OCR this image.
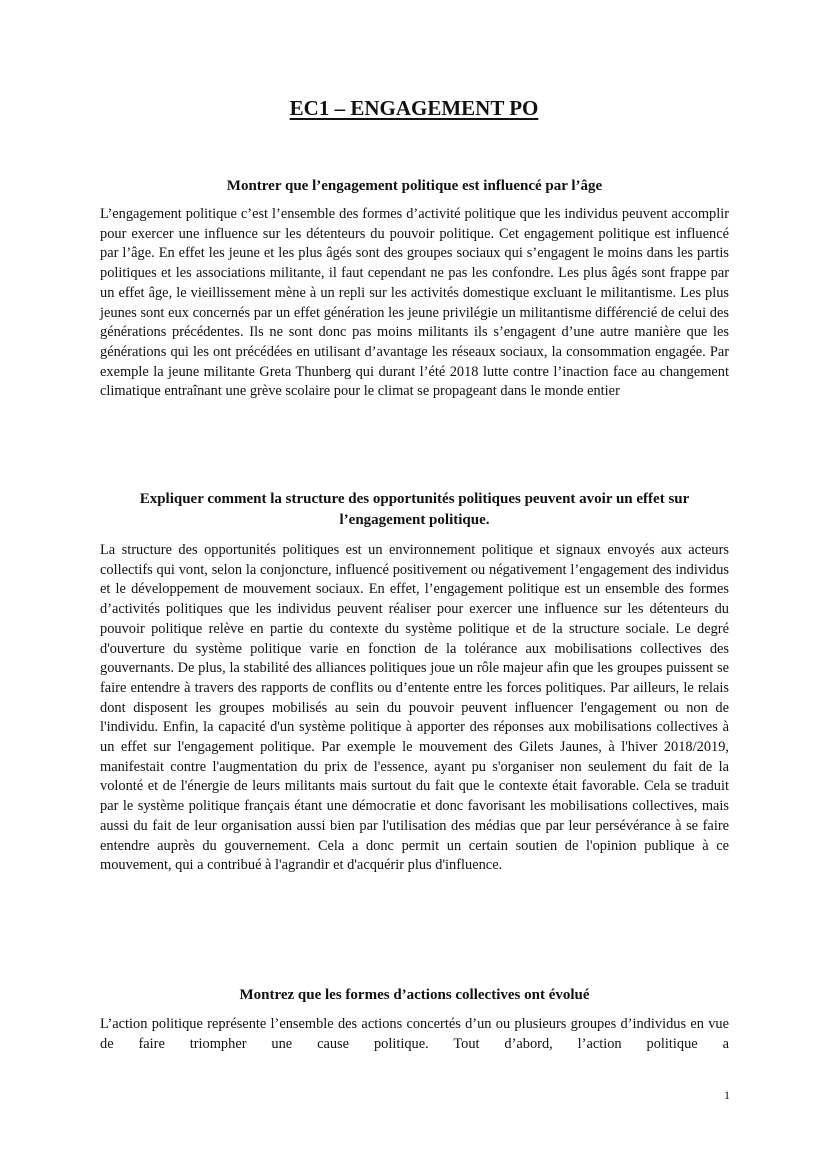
EC1 – ENGAGEMENT PO
Montrer que l’engagement politique est influencé par l’âge

L’engagement politique c’est l’ensemble des formes d’activité politique que les individus peuvent accomplir pour exercer une influence sur les détenteurs du pouvoir politique. Cet engagement politique est influencé par l’âge. En effet les jeune et les plus âgés sont des groupes sociaux qui s’engagent le moins dans les partis politiques et les associations militante, il faut cependant ne pas les confondre. Les plus âgés sont frappe par un effet âge, le vieillissement mène à un repli sur les activités domestique excluant le militantisme. Les plus jeunes sont eux concernés par un effet génération les jeune privilégie un militantisme différencié de celui des générations précédentes. Ils ne sont donc pas moins militants ils s’engagent d’une autre manière que les générations qui les ont précédées en utilisant d’avantage les réseaux sociaux, la consommation engagée. Par exemple la jeune militante Greta Thunberg qui durant l’été 2018 lutte contre l’inaction face au changement climatique entraînant une grève scolaire pour le climat se propageant dans le monde entier

Expliquer comment la structure des opportunités politiques peuvent avoir un effet sur l’engagement politique.

La structure des opportunités politiques est un environnement politique et signaux envoyés aux acteurs collectifs qui vont, selon la conjoncture, influencé positivement ou négativement l’engagement des individus et le développement de mouvement sociaux. En effet, l’engagement politique est un ensemble des formes d’activités politiques que les individus peuvent réaliser pour exercer une influence sur les détenteurs du pouvoir politique relève en partie du contexte du système politique et de la structure sociale. Le degré d'ouverture du système politique varie en fonction de la tolérance aux mobilisations collectives des gouvernants. De plus, la stabilité des alliances politiques joue un rôle majeur afin que les groupes puissent se faire entendre à travers des rapports de conflits ou d’entente entre les forces politiques. Par ailleurs, le relais dont disposent les groupes mobilisés au sein du pouvoir peuvent influencer l'engagement ou non de l'individu. Enfin, la capacité d'un système politique à apporter des réponses aux mobilisations collectives à un effet sur l'engagement politique. Par exemple le mouvement des Gilets Jaunes, à l'hiver 2018/2019, manifestait contre l'augmentation du prix de l'essence, ayant pu s'organiser non seulement du fait de la volonté et de l'énergie de leurs militants mais surtout du fait que le contexte était favorable. Cela se traduit par le système politique français étant une démocratie et donc favorisant les mobilisations collectives, mais aussi du fait de leur organisation aussi bien par l'utilisation des médias que par leur persévérance à se faire entendre auprès du gouvernement. Cela a donc permit un certain soutien de l'opinion publique à ce mouvement, qui a contribué à l'agrandir et d'acquérir plus d'influence.

Montrez que les formes d’actions collectives ont évolué

L’action politique représente l’ensemble des actions concertés d’un ou plusieurs groupes d’individus en vue de faire triompher une cause politique. Tout d’abord, l’action politique a

1
